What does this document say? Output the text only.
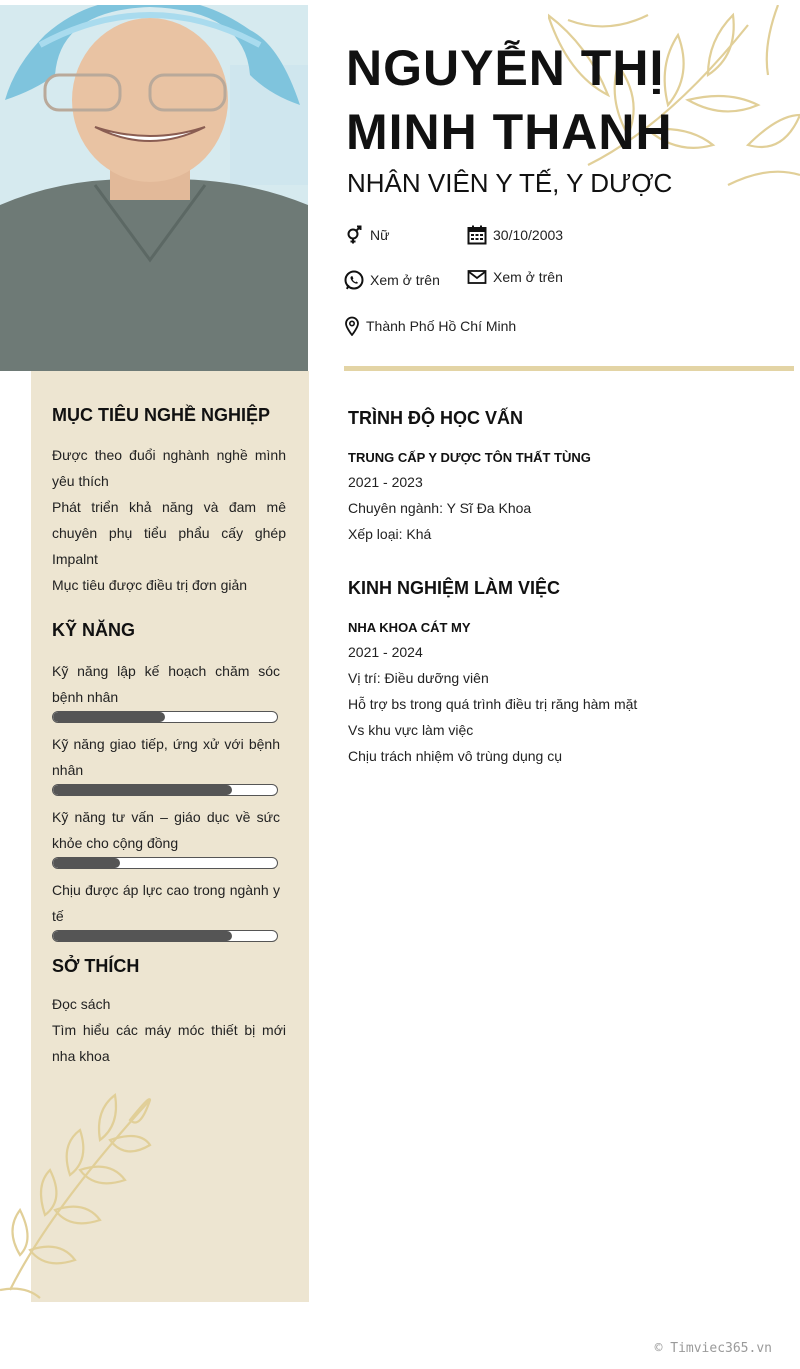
NGUYỄN THỊ
MINH THANH
NHÂN VIÊN Y TẾ, Y DƯỢC
Nữ	30/10/2003
Xem ở trên	Xem ở trên
Thành Phố Hồ Chí Minh
MỤC TIÊU NGHỀ NGHIỆP
Được theo đuổi nghành nghề mình yêu thích
Phát triển khả năng và đam mê chuyên phụ tiểu phẩu cấy ghép Impalnt
Mục tiêu được điều trị đơn giản
KỸ NĂNG
Kỹ năng lập kế hoạch chăm sóc bệnh nhân
Kỹ năng giao tiếp, ứng xử với bệnh nhân
Kỹ năng tư vấn – giáo dục về sức khỏe cho cộng đồng
Chịu được áp lực cao trong ngành y tế
SỞ THÍCH
Đọc sách
Tìm hiểu các máy móc thiết bị mới nha khoa
TRÌNH ĐỘ HỌC VẤN
TRUNG CẤP Y DƯỢC TÔN THẤT TÙNG
2021 - 2023
Chuyên ngành: Y Sĩ Đa Khoa
Xếp loại: Khá
KINH NGHIỆM LÀM VIỆC
NHA KHOA CÁT MY
2021 - 2024
Vị trí: Điều dưỡng viên
Hỗ trợ bs trong quá trình điều trị răng hàm mặt
Vs khu vực làm việc
Chịu trách nhiệm vô trùng dụng cụ
© Timviec365.vn
